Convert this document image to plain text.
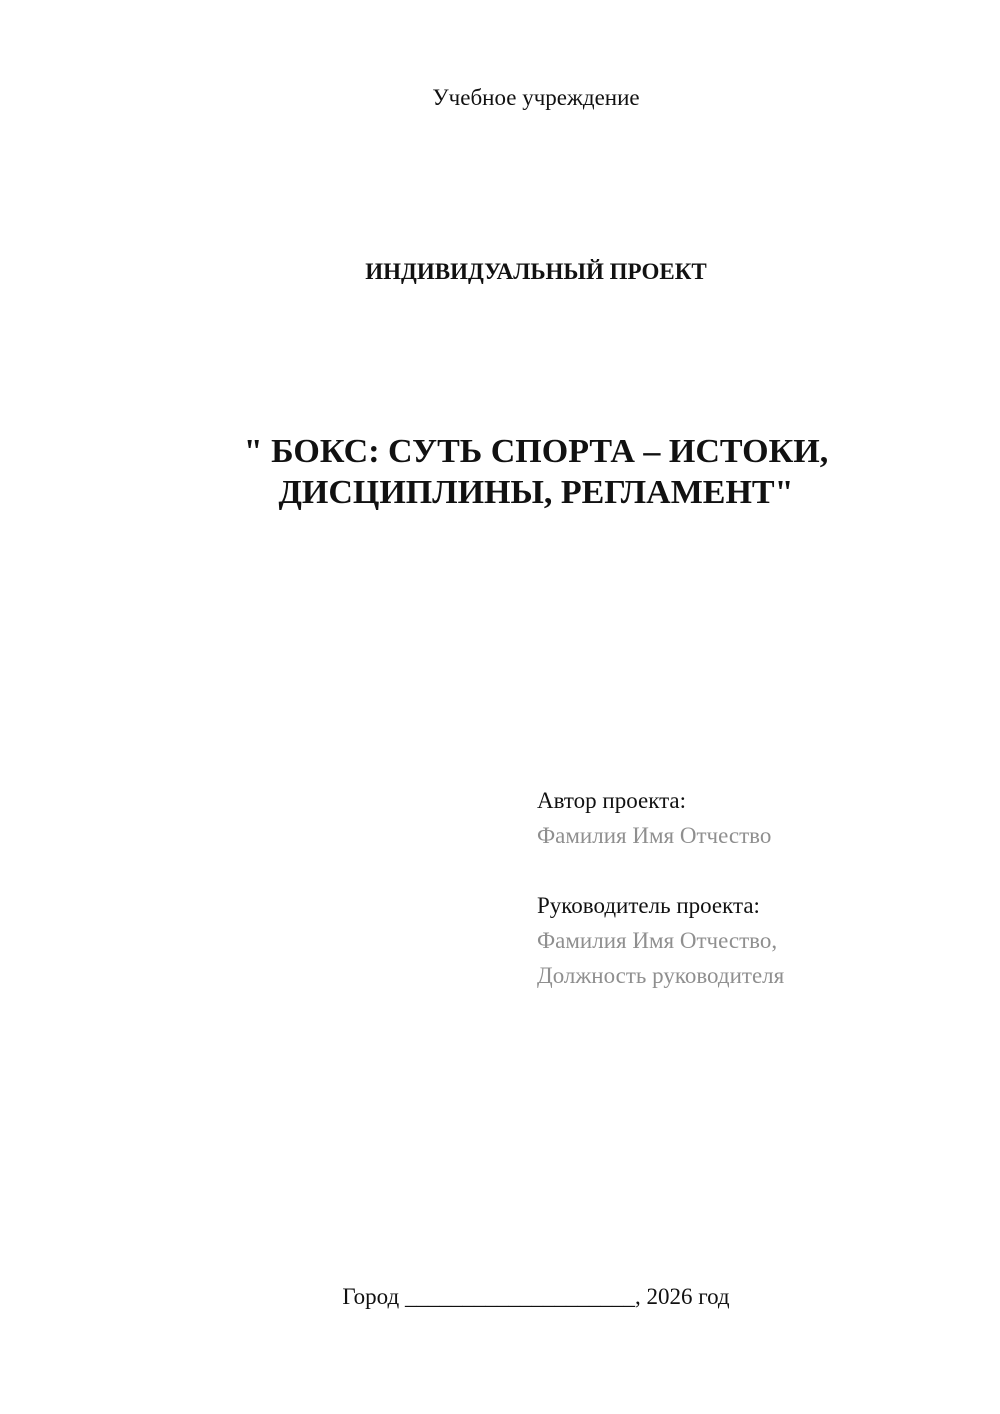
Учебное учреждение
ИНДИВИДУАЛЬНЫЙ ПРОЕКТ
" БОКС: СУТЬ СПОРТА – ИСТОКИ, ДИСЦИПЛИНЫ, РЕГЛАМЕНТ"
Автор проекта:
Фамилия Имя Отчество
Руководитель проекта:
Фамилия Имя Отчество,
Должность руководителя
Город ____________________, 2026 год
